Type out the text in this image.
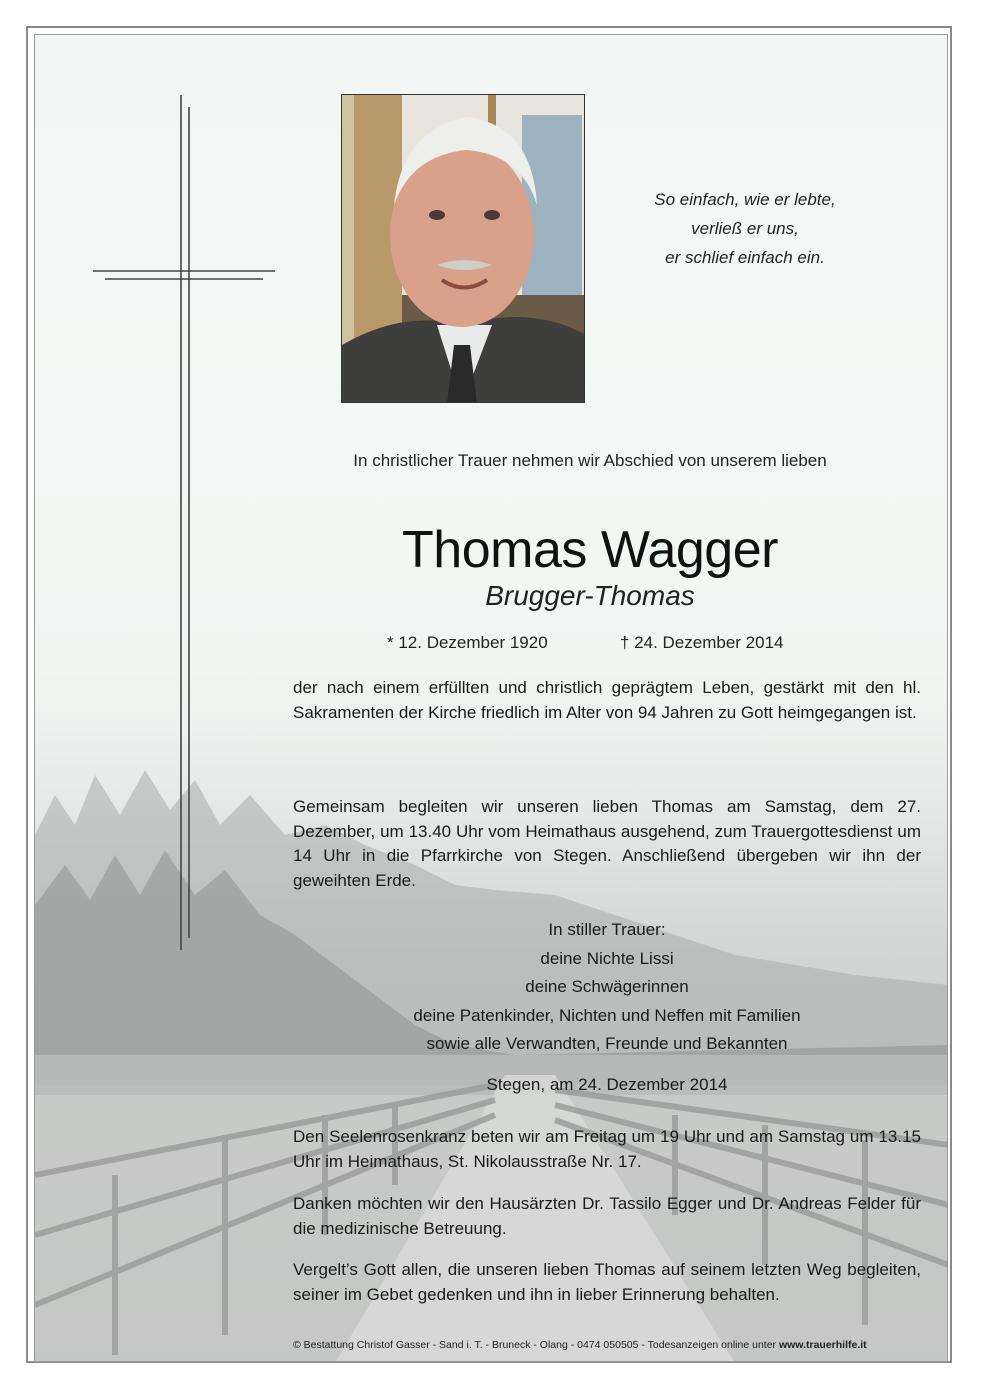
So einfach, wie er lebte,
verließ er uns,
er schlief einfach ein.
In christlicher Trauer nehmen wir Abschied von unserem lieben
Thomas Wagger
Brugger-Thomas
* 12. Dezember 1920	† 24. Dezember 2014
der nach einem erfüllten und christlich geprägtem Leben, gestärkt mit den hl. Sakramenten der Kirche friedlich im Alter von 94 Jahren zu Gott heimgegangen ist.
Gemeinsam begleiten wir unseren lieben Thomas am Samstag, dem 27. Dezember, um 13.40 Uhr vom Heimathaus ausgehend, zum Trauergottesdienst um 14 Uhr in die Pfarrkirche von Stegen. Anschließend übergeben wir ihn der geweihten Erde.
In stiller Trauer:
deine Nichte Lissi
deine Schwägerinnen
deine Patenkinder, Nichten und Neffen mit Familien
sowie alle Verwandten, Freunde und Bekannten
Stegen, am 24. Dezember 2014
Den Seelenrosenkranz beten wir am Freitag um 19 Uhr und am Samstag um 13.15 Uhr im Heimathaus, St. Nikolausstraße Nr. 17.
Danken möchten wir den Hausärzten Dr. Tassilo Egger und Dr. Andreas Felder für die medizinische Betreuung.
Vergelt’s Gott allen, die unseren lieben Thomas auf seinem letzten Weg begleiten, seiner im Gebet gedenken und ihn in lieber Erinnerung behalten.
© Bestattung Christof Gasser - Sand i. T. - Bruneck - Olang - 0474 050505 - Todesanzeigen online unter www.trauerhilfe.it
